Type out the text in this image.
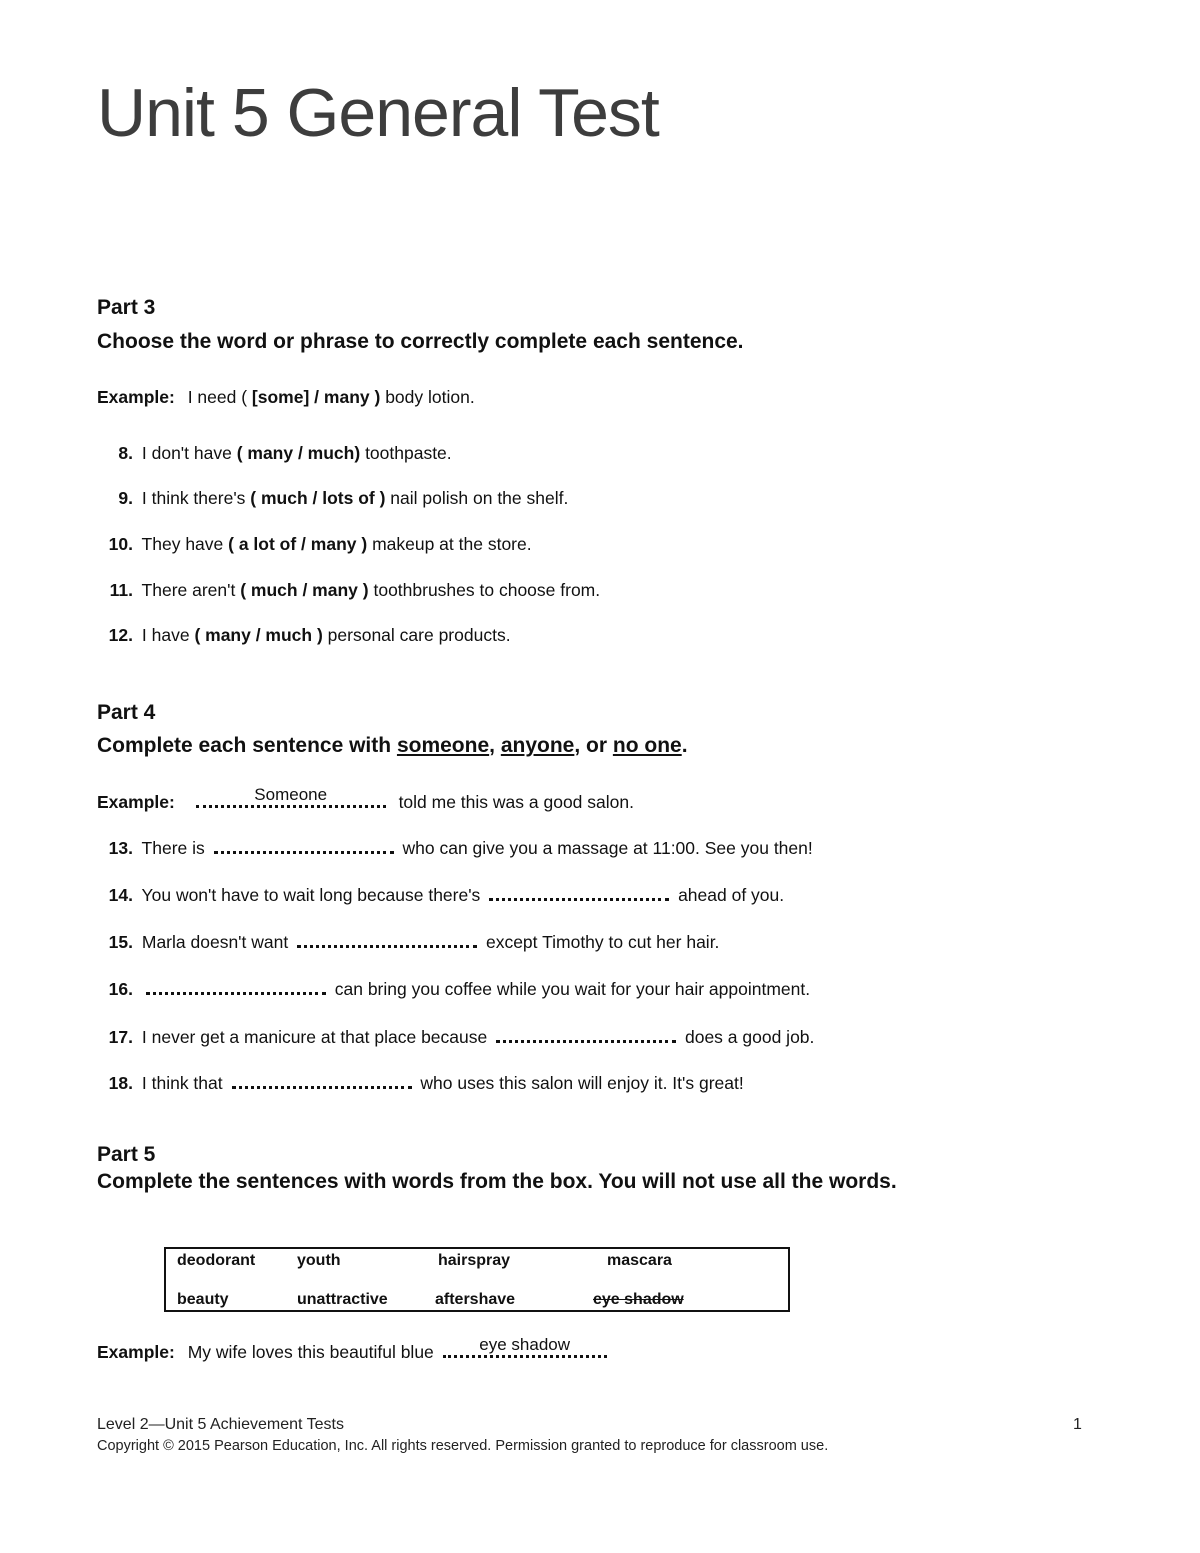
Unit 5 General Test
Part 3
Choose the word or phrase to correctly complete each sentence.
Example: I need ( [some] / many ) body lotion.
8. I don't have ( many / much) toothpaste.
9. I think there's ( much / lots of ) nail polish on the shelf.
10. They have ( a lot of / many ) makeup at the store.
11. There aren't ( much / many ) toothbrushes to choose from.
12. I have ( many / much ) personal care products.
Part 4
Complete each sentence with someone, anyone, or no one.
Example:	Someone	told me this was a good salon.
13. There is	who can give you a massage at 11:00. See you then!
14. You won't have to wait long because there's	ahead of you.
15. Marla doesn't want	except Timothy to cut her hair.
16.	can bring you coffee while you wait for your hair appointment.
17. I never get a manicure at that place because	does a good job.
18. I think that	who uses this salon will enjoy it. It's great!
Part 5
Complete the sentences with words from the box. You will not use all the words.
deodorant	youth	hairspray	mascara
beauty	unattractive	aftershave	eye shadow
Example: My wife loves this beautiful blue	eye shadow
Level 2—Unit 5 Achievement Tests	1
Copyright © 2015 Pearson Education, Inc. All rights reserved. Permission granted to reproduce for classroom use.
